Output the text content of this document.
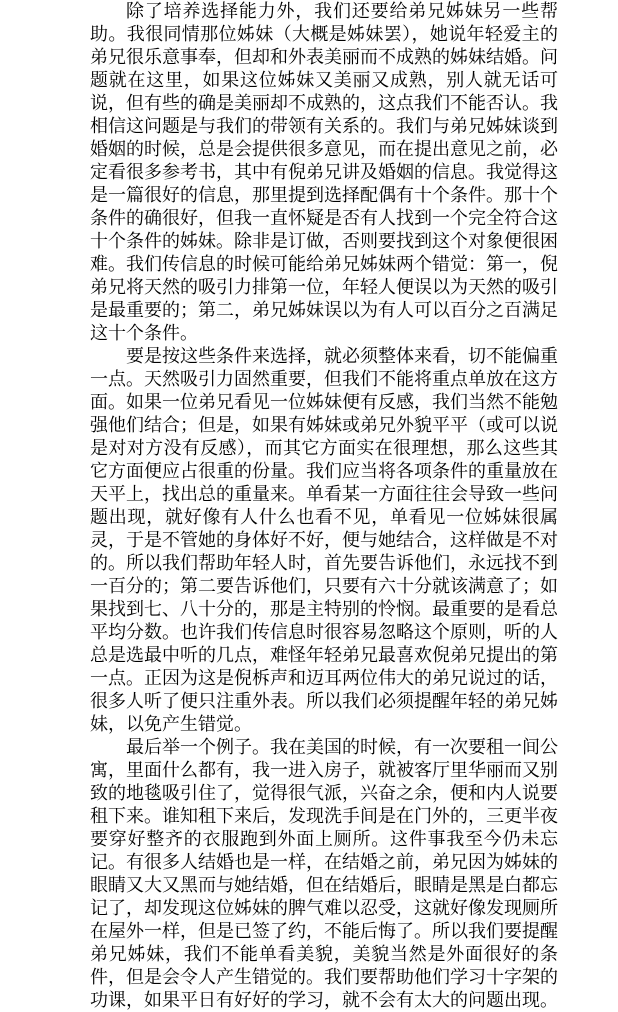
除了培养选择能力外，我们还要给弟兄姊妹另一些帮助。我很同情那位姊妹（大概是姊妹罢），她说年轻爱主的弟兄很乐意事奉，但却和外表美丽而不成熟的姊妹结婚。问题就在这里，如果这位姊妹又美丽又成熟，别人就无话可说，但有些的确是美丽却不成熟的，这点我们不能否认。我相信这问题是与我们的带领有关系的。我们与弟兄姊妹谈到婚姻的时候，总是会提供很多意见，而在提出意见之前，必定看很多参考书，其中有倪弟兄讲及婚姻的信息。我觉得这是一篇很好的信息，那里提到选择配偶有十个条件。那十个条件的确很好，但我一直怀疑是否有人找到一个完全符合这十个条件的姊妹。除非是订做，否则要找到这个对象便很困难。我们传信息的时候可能给弟兄姊妹两个错觉：第一，倪弟兄将天然的吸引力排第一位，年轻人便误以为天然的吸引是最重要的；第二，弟兄姊妹误以为有人可以百分之百满足这十个条件。

要是按这些条件来选择，就必须整体来看，切不能偏重一点。天然吸引力固然重要，但我们不能将重点单放在这方面。如果一位弟兄看见一位姊妹便有反感，我们当然不能勉强他们结合；但是，如果有姊妹或弟兄外貌平平（或可以说是对对方没有反感），而其它方面实在很理想，那么这些其它方面便应占很重的份量。我们应当将各项条件的重量放在天平上，找出总的重量来。单看某一方面往往会导致一些问题出现，就好像有人什么也看不见，单看见一位姊妹很属灵，于是不管她的身体好不好，便与她结合，这样做是不对的。所以我们帮助年轻人时，首先要告诉他们，永远找不到一百分的；第二要告诉他们，只要有六十分就该满意了；如果找到七、八十分的，那是主特别的怜悯。最重要的是看总平均分数。也许我们传信息时很容易忽略这个原则，听的人总是选最中听的几点，难怪年轻弟兄最喜欢倪弟兄提出的第一点。正因为这是倪柝声和迈耳两位伟大的弟兄说过的话，很多人听了便只注重外表。所以我们必须提醒年轻的弟兄姊妹，以免产生错觉。

最后举一个例子。我在美国的时候，有一次要租一间公寓，里面什么都有，我一进入房子，就被客厅里华丽而又别致的地毯吸引住了，觉得很气派，兴奋之余，便和内人说要租下来。谁知租下来后，发现洗手间是在门外的，三更半夜要穿好整齐的衣服跑到外面上厕所。这件事我至今仍未忘记。有很多人结婚也是一样，在结婚之前，弟兄因为姊妹的眼睛又大又黑而与她结婚，但在结婚后，眼睛是黑是白都忘记了，却发现这位姊妹的脾气难以忍受，这就好像发现厕所在屋外一样，但是已签了约，不能后悔了。所以我们要提醒弟兄姊妹，我们不能单看美貌，美貌当然是外面很好的条件，但是会令人产生错觉的。我们要帮助他们学习十字架的功课，如果平日有好好的学习，就不会有太大的问题出现。
